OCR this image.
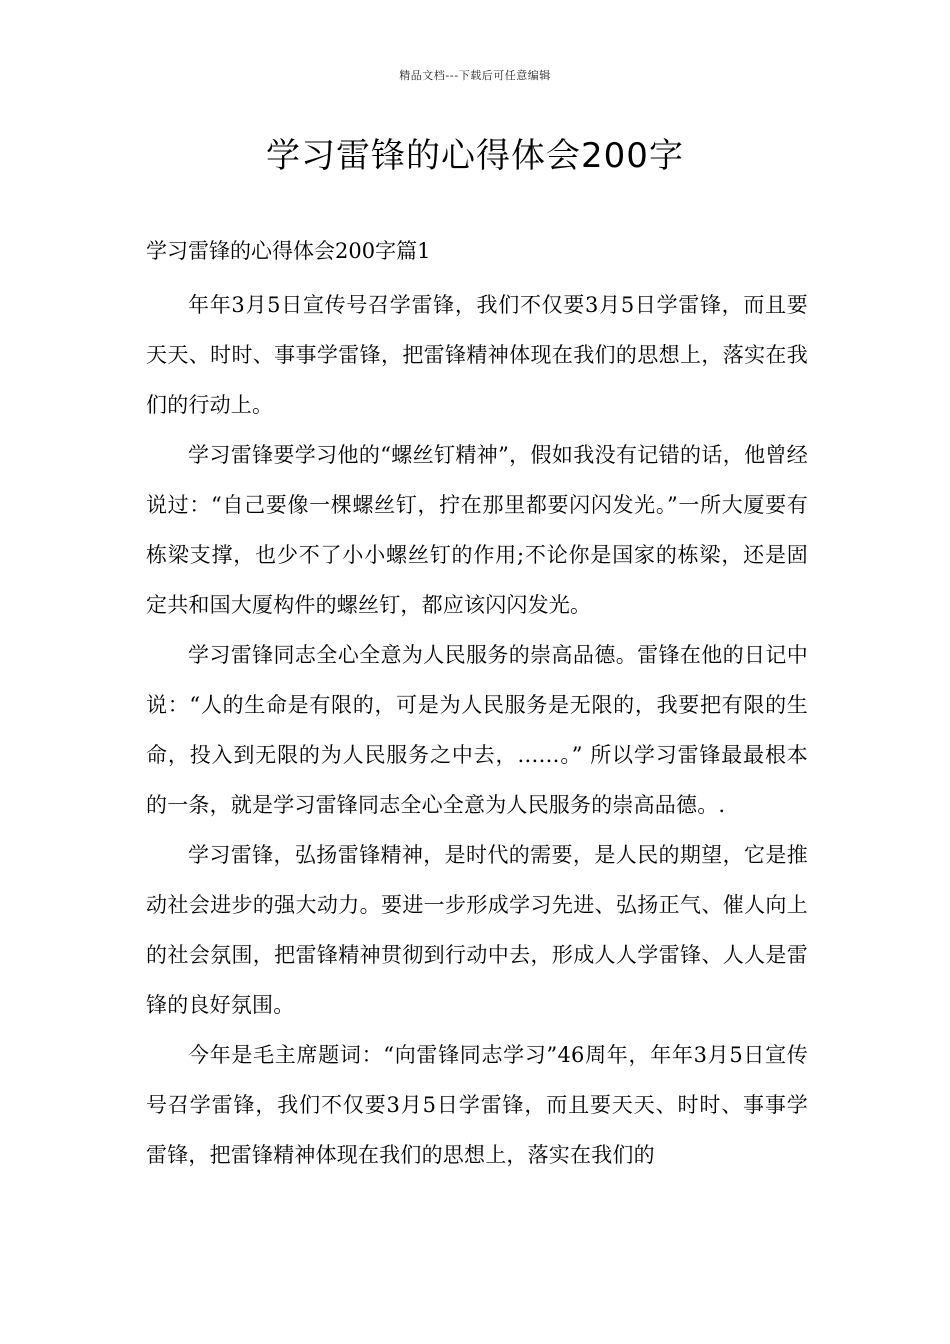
精品文档---下载后可任意编辑
学习雷锋的心得体会200字
学习雷锋的心得体会200字篇1

年年3月5日宣传号召学雷锋，我们不仅要3月5日学雷锋，而且要天天、时时、事事学雷锋，把雷锋精神体现在我们的思想上，落实在我们的行动上。

学习雷锋要学习他的“螺丝钉精神”，假如我没有记错的话，他曾经说过：“自己要像一棵螺丝钉，拧在那里都要闪闪发光。”一所大厦要有栋梁支撑，也少不了小小螺丝钉的作用;不论你是国家的栋梁，还是固定共和国大厦构件的螺丝钉，都应该闪闪发光。

学习雷锋同志全心全意为人民服务的崇高品德。雷锋在他的日记中说：“人的生命是有限的，可是为人民服务是无限的，我要把有限的生命，投入到无限的为人民服务之中去，……。” 所以学习雷锋最最根本的一条，就是学习雷锋同志全心全意为人民服务的崇高品德。.

学习雷锋，弘扬雷锋精神，是时代的需要，是人民的期望，它是推动社会进步的强大动力。要进一步形成学习先进、弘扬正气、催人向上的社会氛围，把雷锋精神贯彻到行动中去，形成人人学雷锋、人人是雷锋的良好氛围。

今年是毛主席题词：“向雷锋同志学习”46周年，年年3月5日宣传号召学雷锋，我们不仅要3月5日学雷锋，而且要天天、时时、事事学雷锋，把雷锋精神体现在我们的思想上，落实在我们的
